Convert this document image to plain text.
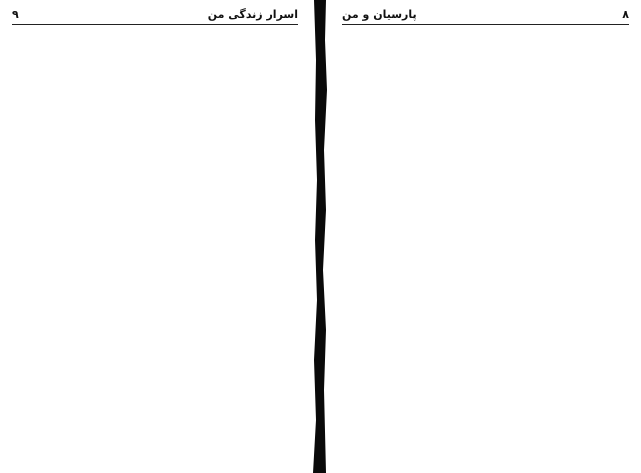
اسرار زندگی من
۹	۸
پارسیان و من
